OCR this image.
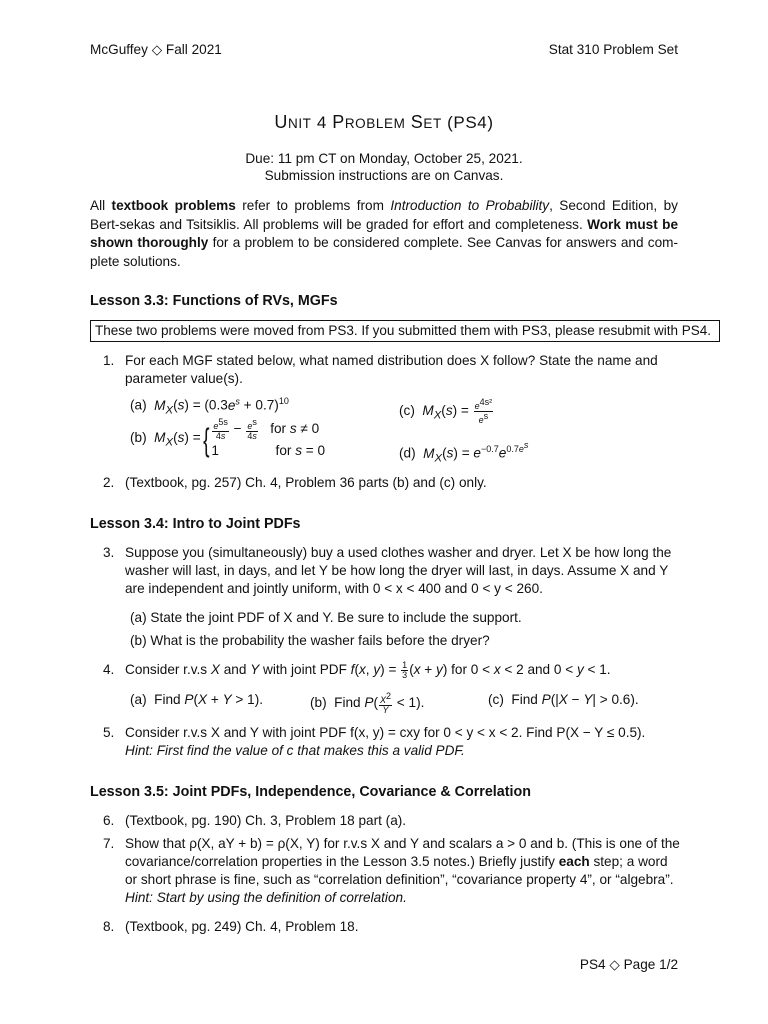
McGuffey ◇ Fall 2021	Stat 310 Problem Set
UNIT 4 PROBLEM SET (PS4)
Due: 11 pm CT on Monday, October 25, 2021.
Submission instructions are on Canvas.
All textbook problems refer to problems from Introduction to Probability, Second Edition, by Bert-sekas and Tsitsiklis. All problems will be graded for effort and completeness. Work must be shown thoroughly for a problem to be considered complete. See Canvas for answers and com-plete solutions.
Lesson 3.3: Functions of RVs, MGFs
These two problems were moved from PS3. If you submitted them with PS3, please resubmit with PS4.
1. For each MGF stated below, what named distribution does X follow? State the name and parameter value(s).
(a)  $M_X(s) = (0.3e^s + 0.7)^{10}$
(c)  $M_X(s) = \frac{e^{4s^2}}{e^s}$
(b)  $M_X(s)$ ={ $\frac{e^{5s}}{4s} - \frac{e^s}{4s}$ for s ≠ 0
1               for s = 0	(d)  $M_X(s) = e^{-0.7}e^{0.7e^s}$
2. (Textbook, pg. 257) Ch. 4, Problem 36 parts (b) and (c) only.
Lesson 3.4: Intro to Joint PDFs
3. Suppose you (simultaneously) buy a used clothes washer and dryer. Let X be how long the washer will last, in days, and let Y be how long the dryer will last, in days. Assume X and Y are independent and jointly uniform, with 0 < x < 400 and 0 < y < 260.
(a) State the joint PDF of X and Y. Be sure to include the support.
(b) What is the probability the washer fails before the dryer?
4. Consider r.v.s X and Y with joint PDF f(x, $y) = \frac{1}{3} (x + y)$ for 0 < x < 2 and 0 < y < 1.
(a)  Find P(X + Y > 1).	(b)  Find $P( \frac{X^2}{Y} < 1)$.	(c)  Find P(|X − Y| > 0.6).
5. Consider r.v.s X and Y with joint PDF f(x, y) = cxy for 0 < y < x < 2. Find P(X − Y ≤ 0.5).
Hint: First find the value of c that makes this a valid PDF.
Lesson 3.5: Joint PDFs, Independence, Covariance & Correlation
6. (Textbook, pg. 190) Ch. 3, Problem 18 part (a).
7. Show that ρ(X, aY + b) = ρ(X, Y) for r.v.s X and Y and scalars a > 0 and b. (This is one of the covariance/correlation properties in the Lesson 3.5 notes.) Briefly justify each step; a word or short phrase is fine, such as “correlation definition”, “covariance property 4”, or “algebra”. Hint: Start by using the definition of correlation.
8. (Textbook, pg. 249) Ch. 4, Problem 18.
PS4 ◇ Page 1/2
